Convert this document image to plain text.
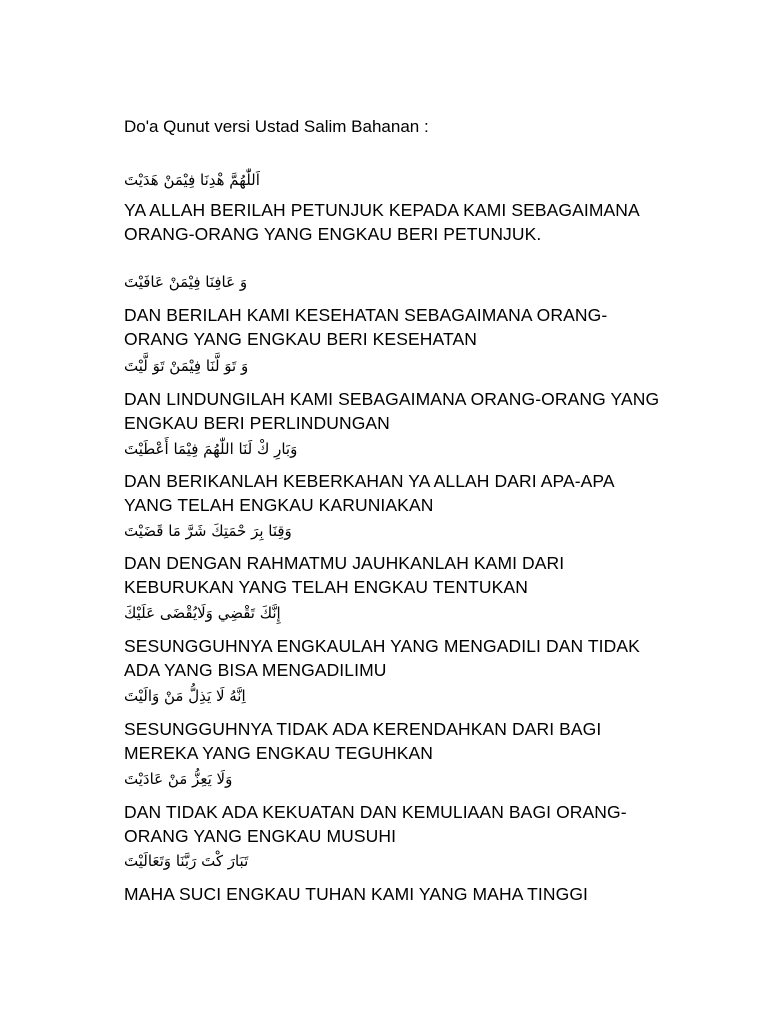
Do'a Qunut versi Ustad Salim Bahanan :
اَللّٰهُمَّ هْدِنَا فِيْمَنْ هَدَيْتَ
YA ALLAH BERILAH PETUNJUK KEPADA KAMI SEBAGAIMANA ORANG-ORANG YANG ENGKAU BERI PETUNJUK.
وَ عَافِنَا فِيْمَنْ عَافَيْتَ
DAN BERILAH KAMI KESEHATAN SEBAGAIMANA ORANG-ORANG YANG ENGKAU BERI KESEHATAN
وَ تَوَ لَّنَا فِيْمَنْ تَوَ لَّيْتَ
DAN LINDUNGILAH KAMI SEBAGAIMANA ORANG-ORANG YANG ENGKAU BERI PERLINDUNGAN
وَبَارِ كْ لَنَا اللّٰهُمَ فِيْمَا أَعْطَيْتَ
DAN BERIKANLAH KEBERKAHAN YA ALLAH DARI APA-APA YANG TELAH ENGKAU KARUNIAKAN
وَقِنَا بِرَ حْمَتِكَ شَرَّ مَا قَضَيْتَ
DAN DENGAN RAHMATMU JAUHKANLAH KAMI DARI KEBURUKAN YANG TELAH ENGKAU TENTUKAN
إِنَّكَ تَقْضِي وَلَايُقْضَى عَلَيْكَ
SESUNGGUHNYA ENGKAULAH YANG MENGADILI DAN TIDAK ADA YANG BISA MENGADILIMU
اِنَّهُ لَا يَذِلُّ مَنْ وَالَيْتَ
SESUNGGUHNYA TIDAK ADA KERENDAHKAN DARI BAGI MEREKA YANG ENGKAU TEGUHKAN
وَلَا يَعِزُّ مَنْ عَادَيْتَ
DAN TIDAK ADA KEKUATAN DAN KEMULIAAN BAGI ORANG-ORANG YANG ENGKAU MUSUHI
تَبَارَ كْتَ رَبَّنَا وَتَعَالَيْتَ
MAHA SUCI ENGKAU TUHAN KAMI YANG MAHA TINGGI
